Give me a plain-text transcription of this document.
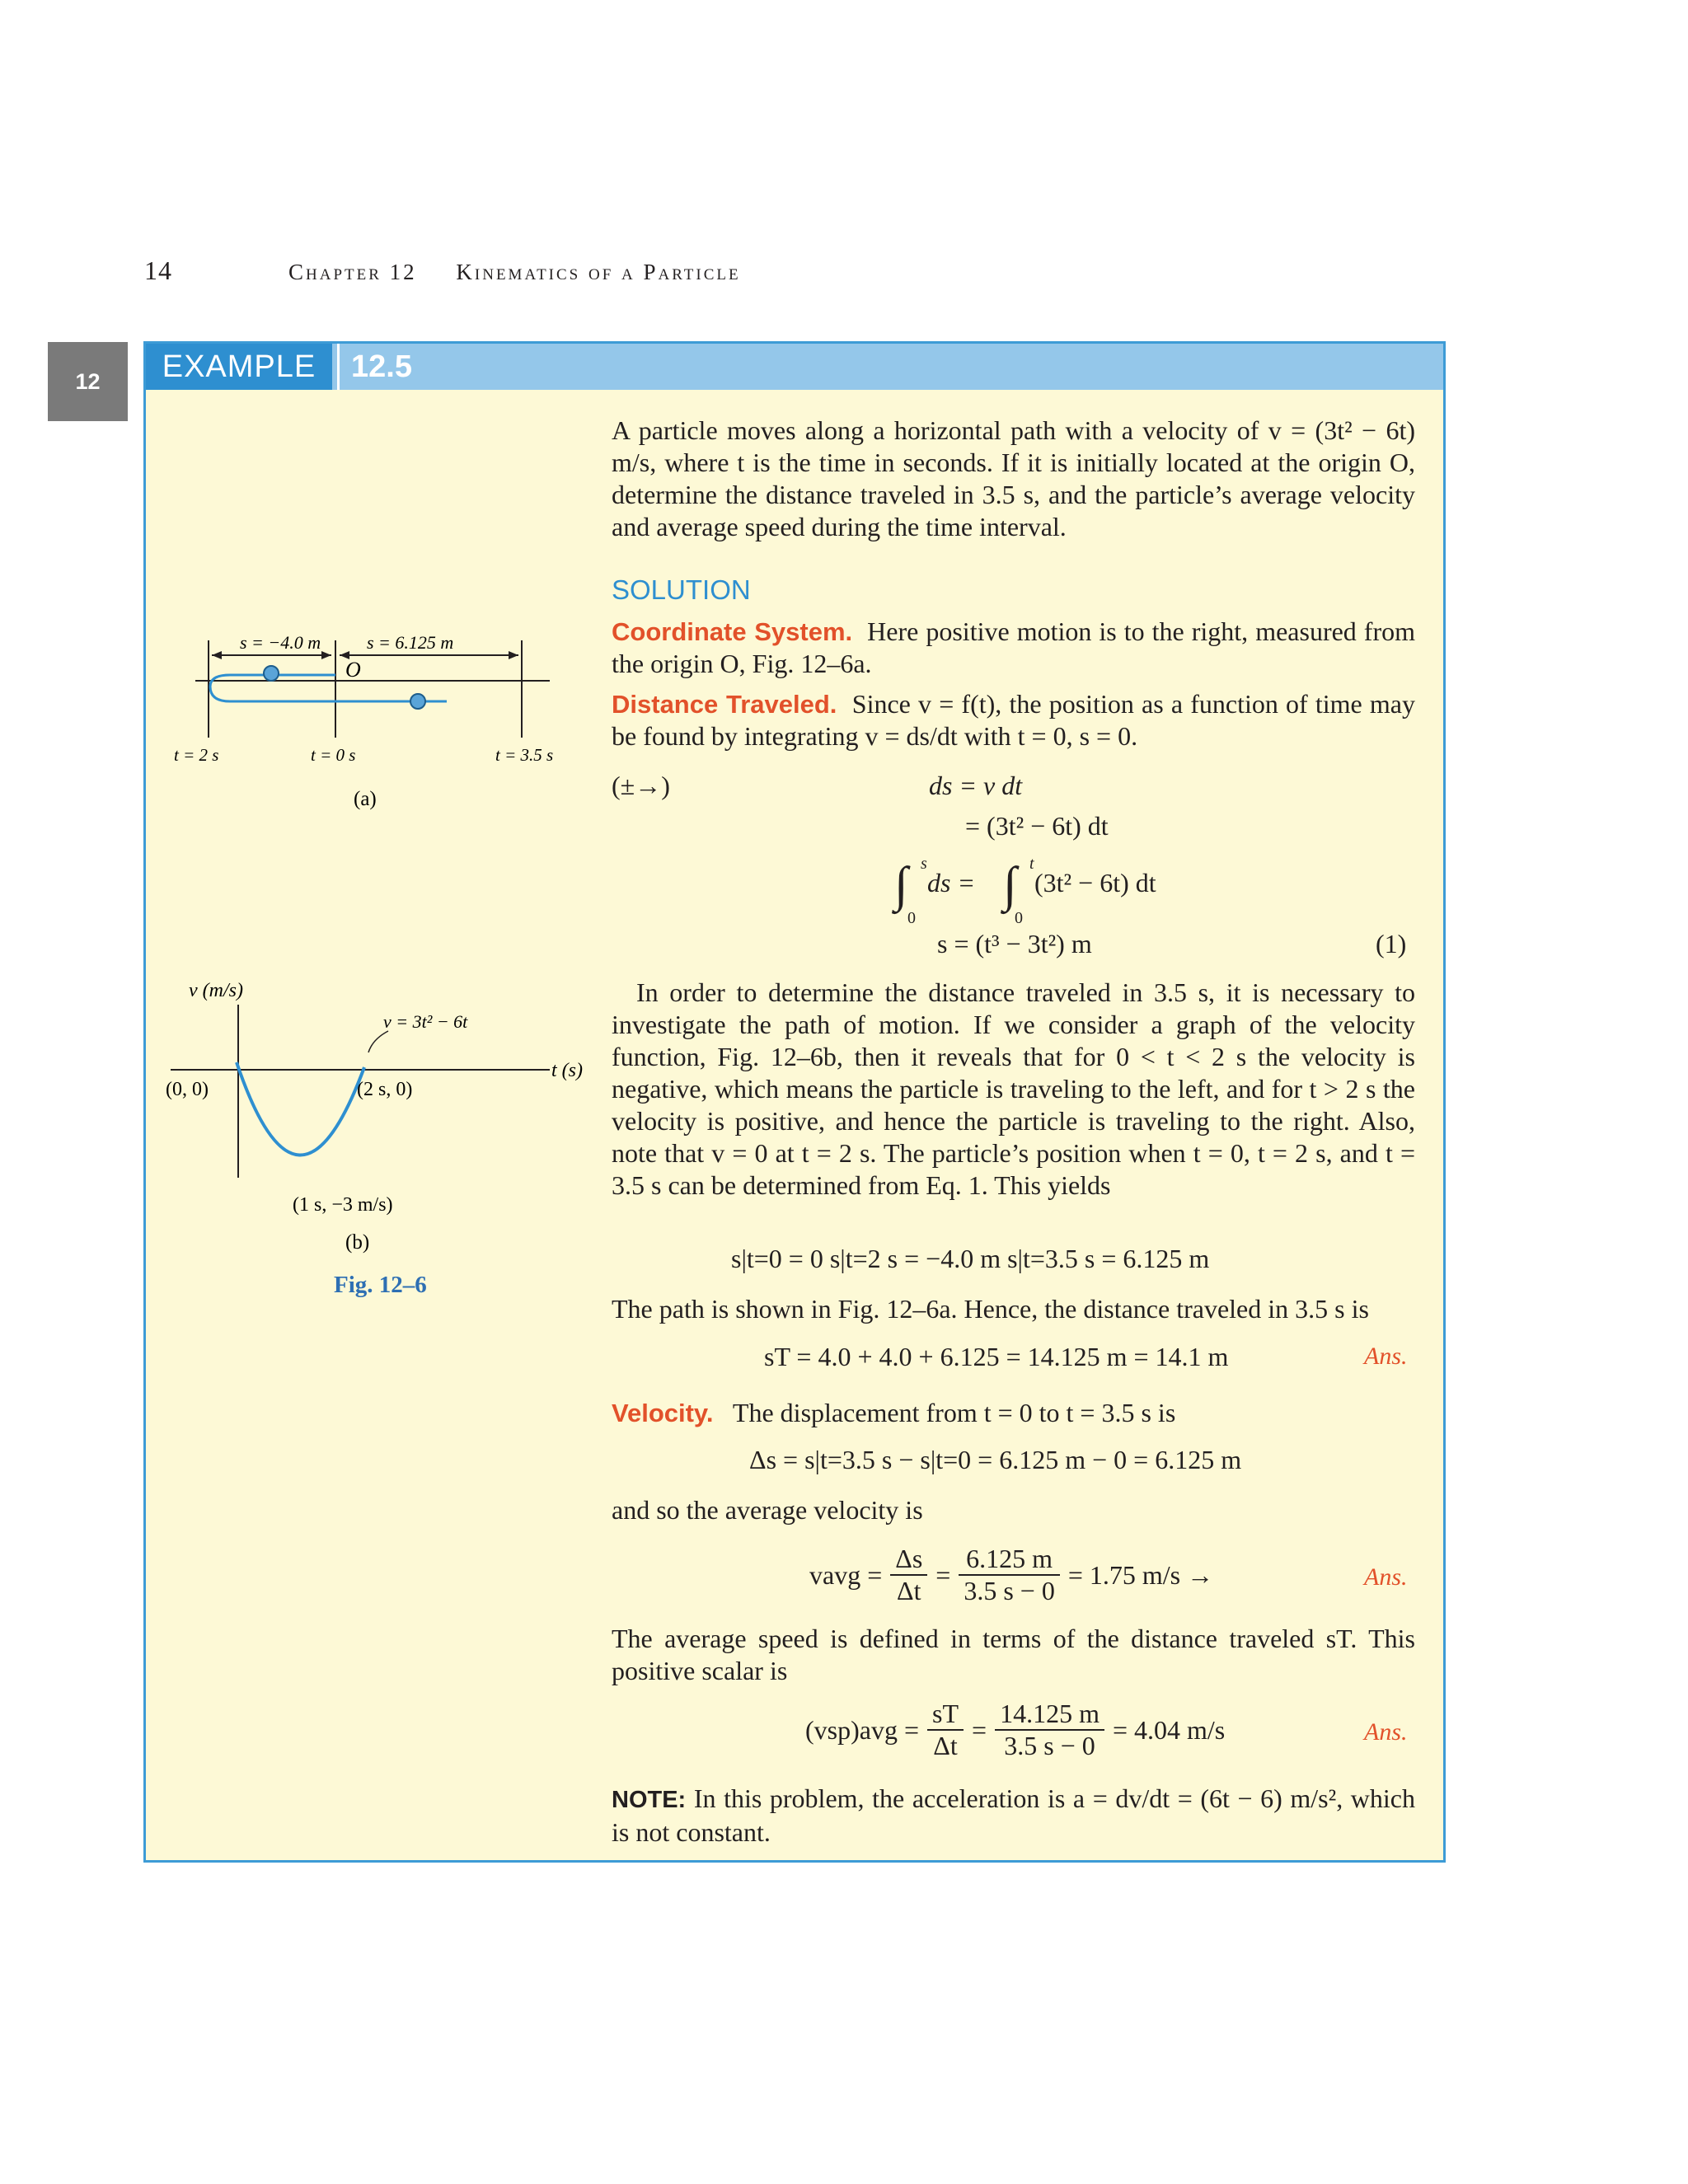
14	Chapter 12 Kinematics of a Particle
12	EXAMPLE	12.5
s = −4.0 m	s = 6.125 m
O
t = 2 s	t = 0 s	t = 3.5 s
(a)
v (m/s)
t (s)
v = 3t² − 6t
(0, 0)	(2 s, 0)
(1 s, −3 m/s)
(b)
Fig. 12–6
A particle moves along a horizontal path with a velocity of v = (3t² − 6t) m/s, where t is the time in seconds. If it is initially located at the origin O, determine the distance traveled in 3.5 s, and the particle’s average velocity and average speed during the time interval.
SOLUTION
Coordinate System. Here positive motion is to the right, measured from the origin O, Fig. 12–6a.
Distance Traveled. Since v = f(t), the position as a function of time may be found by integrating v = ds/dt with t = 0, s = 0.
(±→)	ds = v dt
= (3t² − 6t) dt
∫ s
0
ds = ∫ t
0
(3t² − 6t) dt
s = (t³ − 3t²) m	(1)
In order to determine the distance traveled in 3.5 s, it is necessary to investigate the path of motion. If we consider a graph of the velocity function, Fig. 12–6b, then it reveals that for 0 < t < 2 s the velocity is negative, which means the particle is traveling to the left, and for t > 2 s the velocity is positive, and hence the particle is traveling to the right. Also, note that v = 0 at t = 2 s. The particle’s position when t = 0, t = 2 s, and t = 3.5 s can be determined from Eq. 1. This yields
s|t=0 = 0 s|t=2 s = −4.0 m s|t=3.5 s = 6.125 m
The path is shown in Fig. 12–6a. Hence, the distance traveled in 3.5 s is
sT = 4.0 + 4.0 + 6.125 = 14.125 m = 14.1 m	Ans.
Velocity. The displacement from t = 0 to t = 3.5 s is
Δs = s|t=3.5 s − s|t=0 = 6.125 m − 0 = 6.125 m
and so the average velocity is
vavg = $\frac{\Delta s}{\Delta t} = \frac{6.125 m}{3.5 s - 0} = 1.75$ m/s →	Ans.
The average speed is defined in terms of the distance traveled sT. This positive scalar is
$(vsp)avg = \frac{sT}{\Delta t} = \frac{14.125 m}{3.5 s - 0} = 4.04$ m/s	Ans.
NOTE: In this problem, the acceleration is a = dv/dt = (6t − 6) m/s², which is not constant.
